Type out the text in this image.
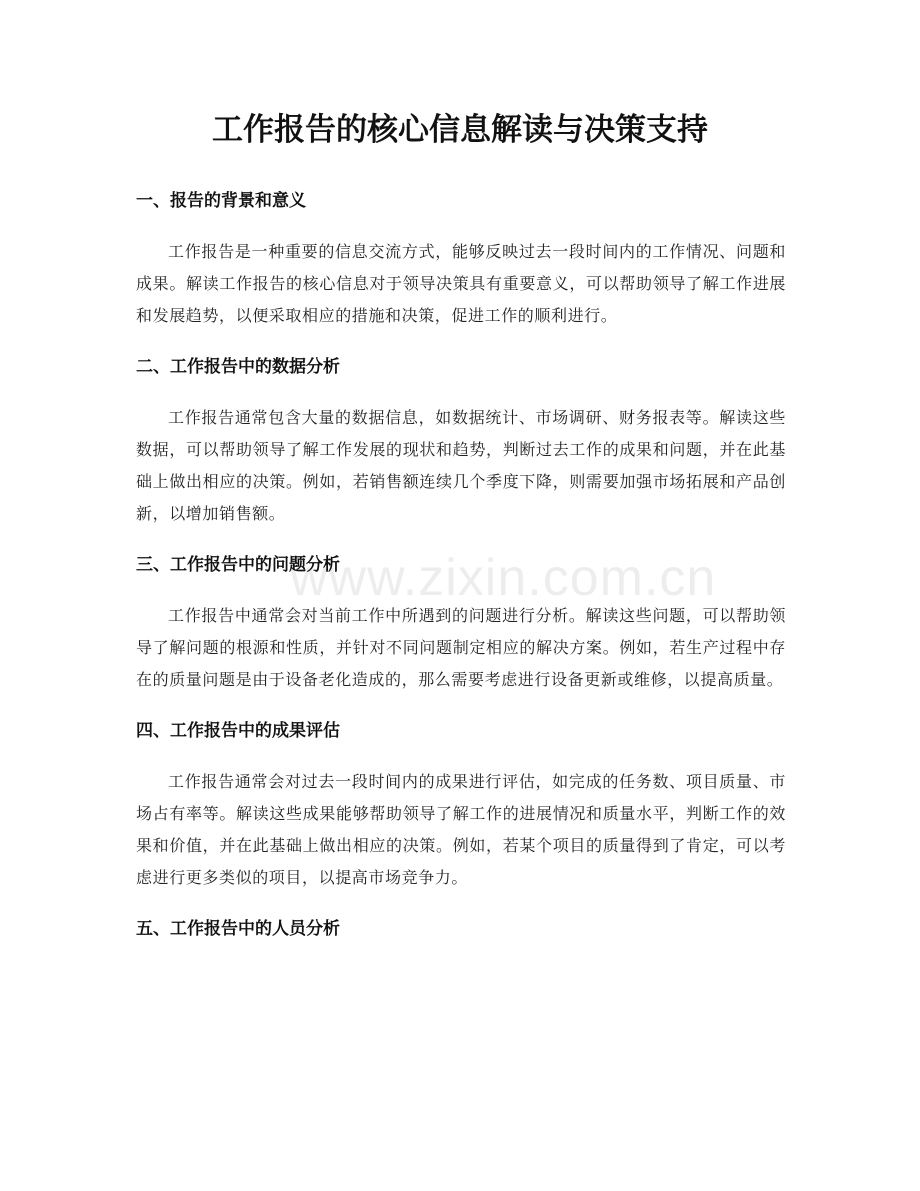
工作报告的核心信息解读与决策支持
www.zixin.com.cn
一、报告的背景和意义

工作报告是一种重要的信息交流方式，能够反映过去一段时间内的工作情况、问题和成果。解读工作报告的核心信息对于领导决策具有重要意义，可以帮助领导了解工作进展和发展趋势，以便采取相应的措施和决策，促进工作的顺利进行。

二、工作报告中的数据分析

工作报告通常包含大量的数据信息，如数据统计、市场调研、财务报表等。解读这些数据，可以帮助领导了解工作发展的现状和趋势，判断过去工作的成果和问题，并在此基础上做出相应的决策。例如，若销售额连续几个季度下降，则需要加强市场拓展和产品创新，以增加销售额。

三、工作报告中的问题分析

工作报告中通常会对当前工作中所遇到的问题进行分析。解读这些问题，可以帮助领导了解问题的根源和性质，并针对不同问题制定相应的解决方案。例如，若生产过程中存在的质量问题是由于设备老化造成的，那么需要考虑进行设备更新或维修，以提高质量。

四、工作报告中的成果评估

工作报告通常会对过去一段时间内的成果进行评估，如完成的任务数、项目质量、市场占有率等。解读这些成果能够帮助领导了解工作的进展情况和质量水平，判断工作的效果和价值，并在此基础上做出相应的决策。例如，若某个项目的质量得到了肯定，可以考虑进行更多类似的项目，以提高市场竞争力。

五、工作报告中的人员分析
